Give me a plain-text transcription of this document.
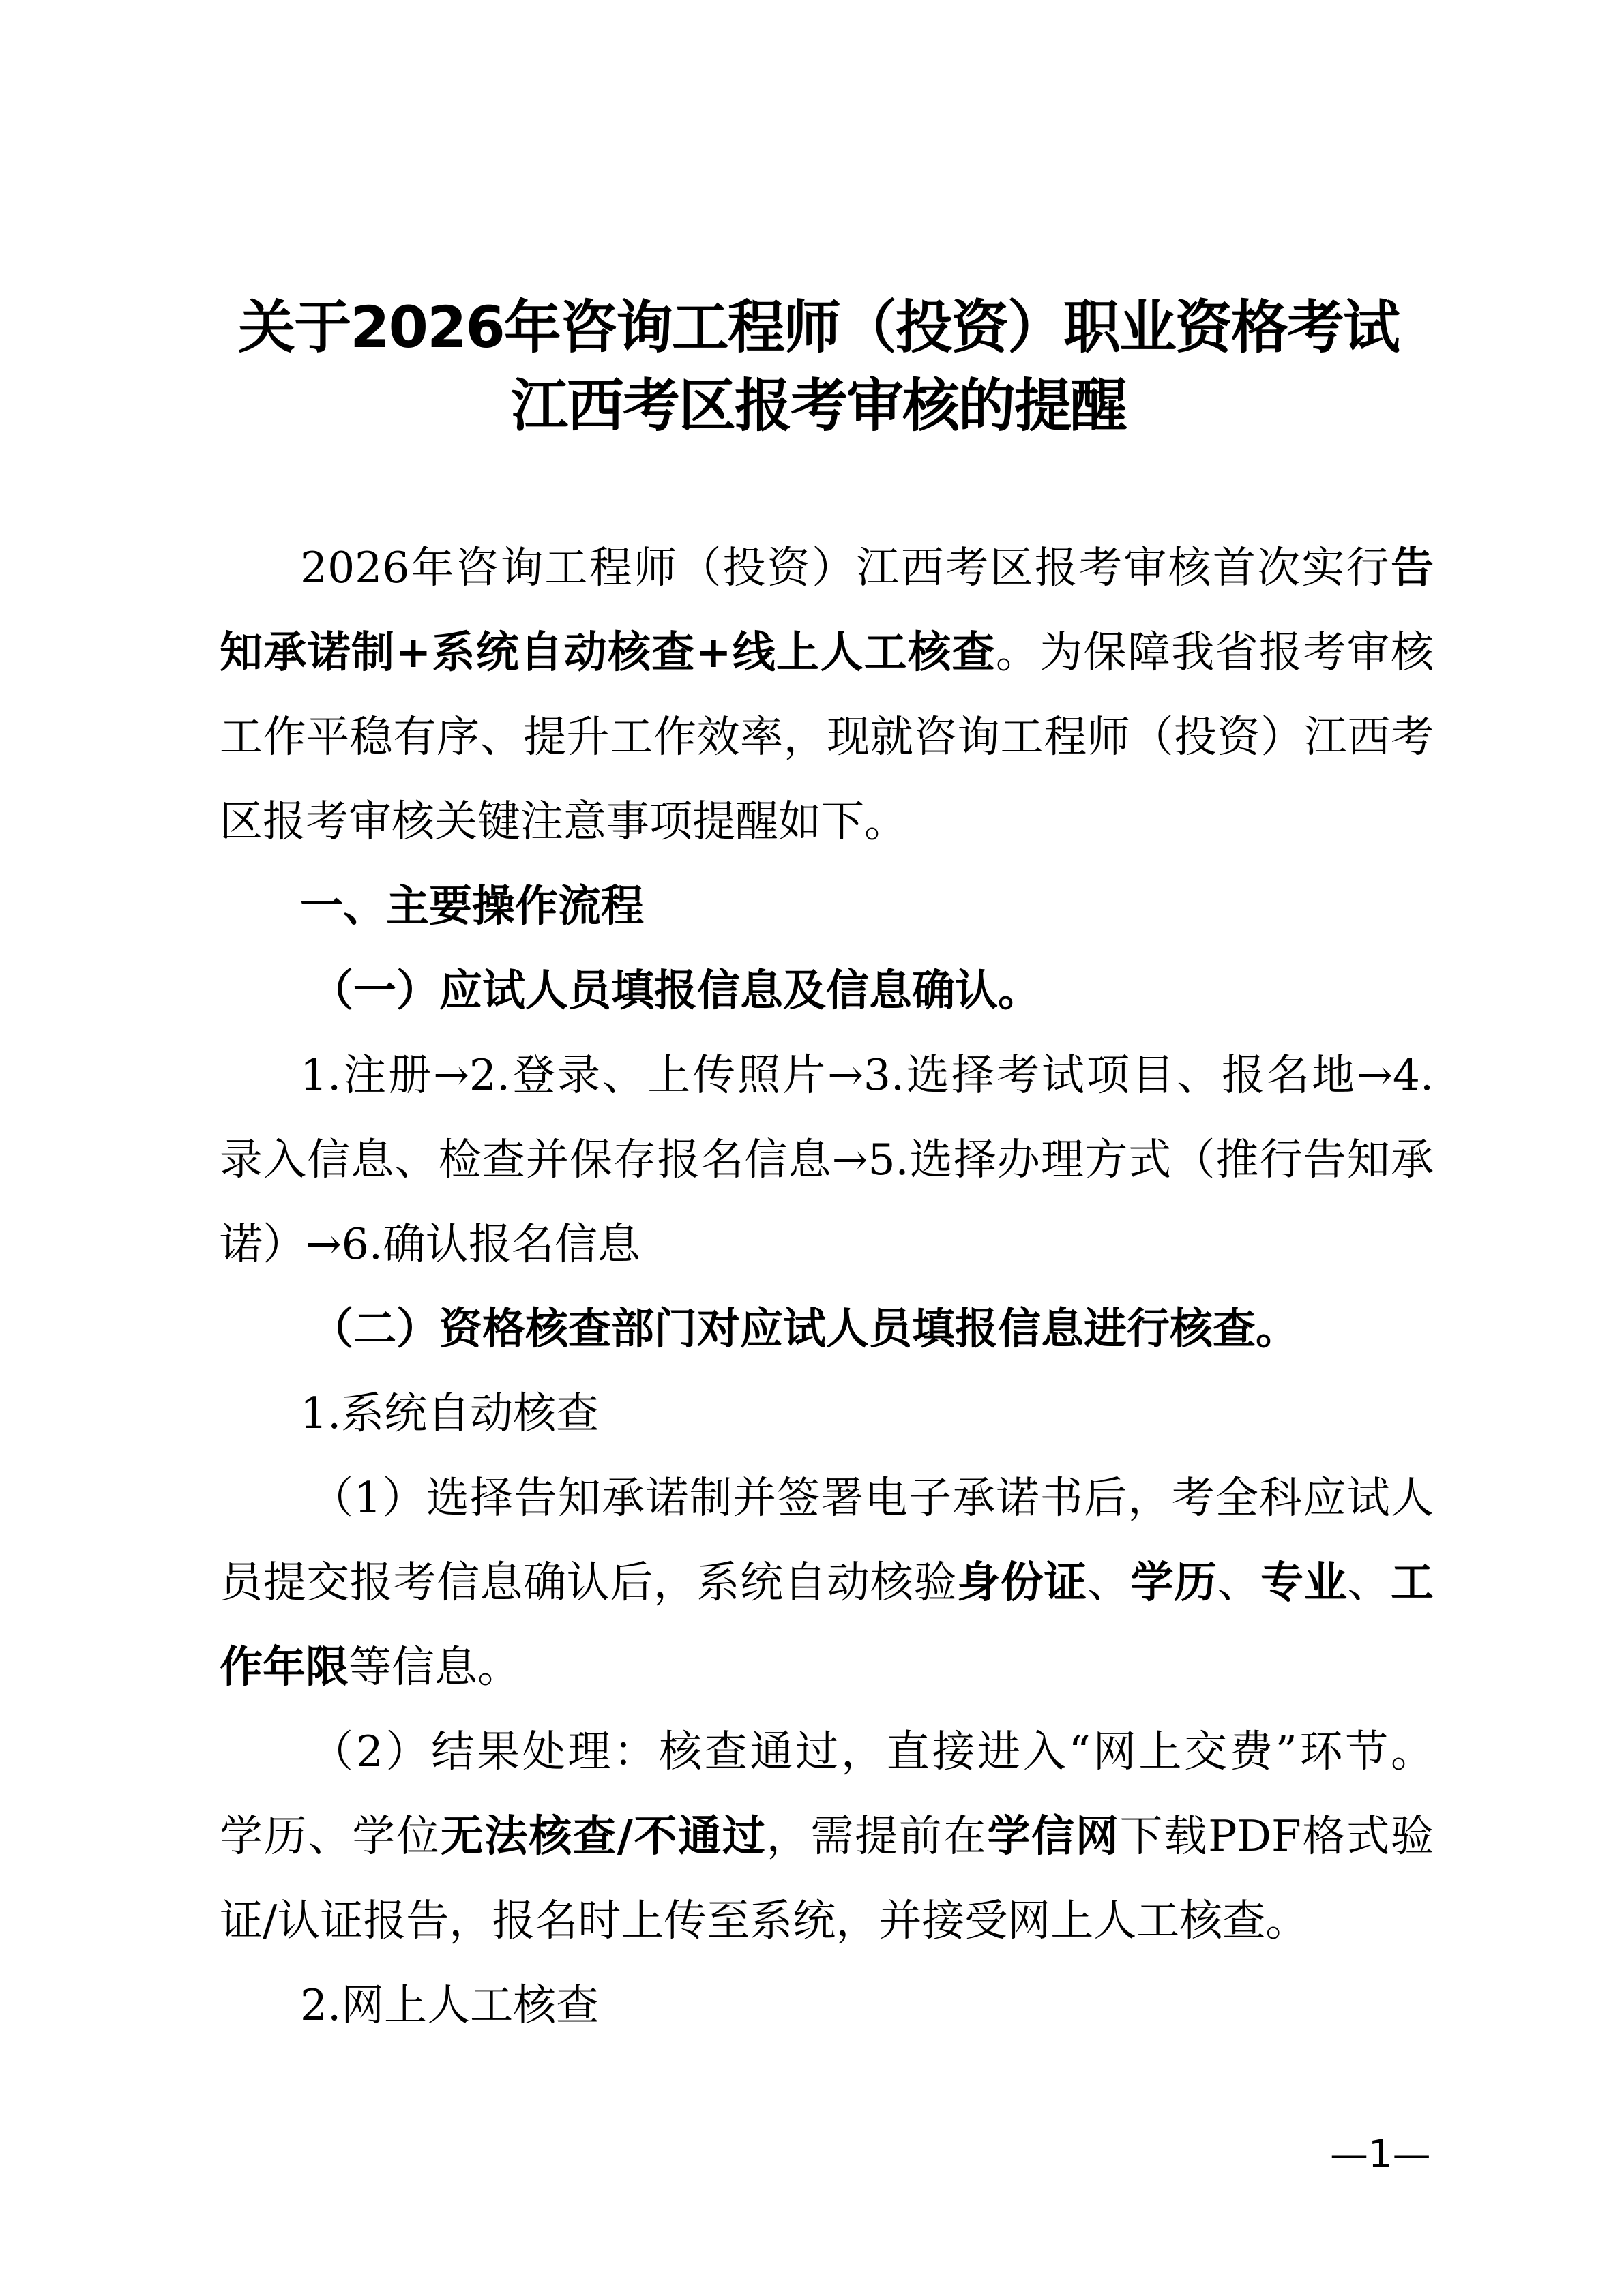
关于2026年咨询工程师（投资）职业资格考试
江西考区报考审核的提醒
2026年咨询工程师（投资）江西考区报考审核首次实行告
知承诺制+系统自动核查+线上人工核查。为保障我省报考审核
工作平稳有序、提升工作效率，现就咨询工程师（投资）江西考
区报考审核关键注意事项提醒如下。
一、主要操作流程
（一）应试人员填报信息及信息确认。
1.注册→2.登录、上传照片→3.选择考试项目、报名地→4.
录入信息、检查并保存报名信息→5.选择办理方式（推行告知承
诺）→6.确认报名信息
（二）资格核查部门对应试人员填报信息进行核查。
1.系统自动核查
（1）选择告知承诺制并签署电子承诺书后，考全科应试人
员提交报考信息确认后，系统自动核验身份证、学历、专业、工
作年限等信息。
（2）结果处理：核查通过，直接进入“网上交费”环节。
学历、学位无法核查/不通过，需提前在学信网下载PDF格式验
证/认证报告，报名时上传至系统，并接受网上人工核查。
2.网上人工核查
—1—
